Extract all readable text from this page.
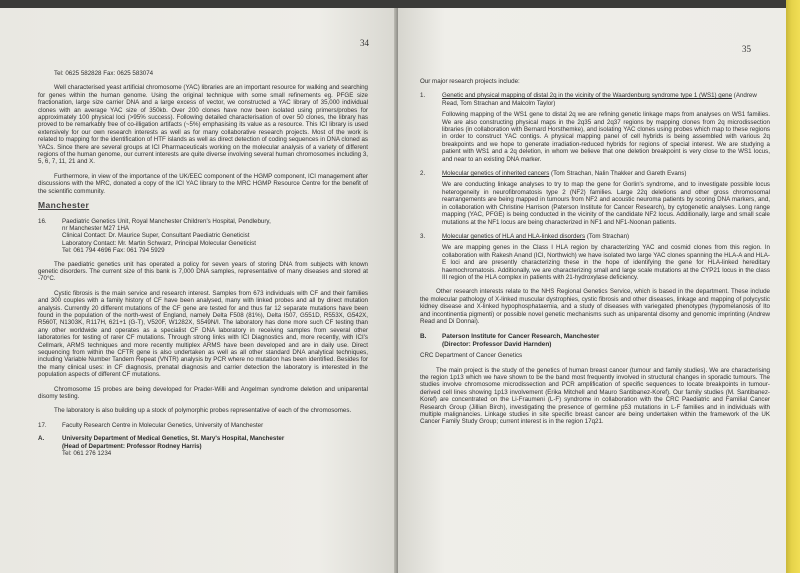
34

Tel: 0625 582828 Fax: 0625 583074

Well characterised yeast artificial chromosome (YAC) libraries are an important resource for walking and searching for genes within the human genome. Using the original technique with some small refinements eg. PFGE size fractionation, large size carrier DNA and a large excess of vector, we constructed a YAC library of 35,000 individual clones with an average YAC size of 350kb. Over 200 clones have now been isolated using primers/probes for approximately 100 physical loci (>95% success). Following detailed characterisation of over 50 clones, the library has proved to be remarkably free of co-illigation artifacts (~5%) emphasising its value as a resource. This ICI library is used extensively for our own research interests as well as for many collaborative research projects. Most of the work is related to mapping for the identification of HTF islands as well as direct detection of coding sequences in DNA cloned as YACs. Since there are several groups at ICI Pharmaceuticals working on the molecular analysis of a variety of different regions of the human genome, our current interests are quite diverse involving several human chromosomes including 3, 5, 6, 7, 11, 21 and X.

Furthermore, in view of the importance of the UK/EEC component of the HGMP component, ICI management after discussions with the MRC, donated a copy of the ICI YAC library to the MRC HGMP Resource Centre for the benefit of the scientific community.

Manchester
16.	Paediatric Genetics Unit, Royal Manchester Children's Hospital, Pendlebury,
nr Manchester M27 1HA
Clinical Contact: Dr. Maurice Super, Consultant Paediatric Geneticist
Laboratory Contact: Mr. Martin Schwarz, Principal Molecular Geneticist
Tel: 061 794 4696 Fax: 061 794 5929

The paediatric genetics unit has operated a policy for seven years of storing DNA from subjects with known genetic disorders. The current size of this bank is 7,000 DNA samples, representative of many diseases and stored at -70°C.

Cystic fibrosis is the main service and research interest. Samples from 673 individuals with CF and their families and 300 couples with a family history of CF have been analysed, many with linked probes and all by direct mutation analysis. Currently 20 different mutations of the CF gene are tested for and thus far 12 separate mutations have been found in the population of the north-west of England, namely Delta F508 (81%), Delta I507, G551D, R553X, G542X, R560T, N1303K, R117H, 621+1 (G-T), V520F, W1282X, S549N/I. The laboratory has done more such CF testing than any other worldwide and operates as a specialist CF DNA laboratory in receiving samples from several other laboratories for testing of rarer CF mutations. Through strong links with ICI Diagnostics and, more recently, with ICI's Cellmark, ARMS techniques and more recently multiplex ARMS have been developed and are in daily use. Direct sequencing from within the CFTR gene is also undertaken as well as all other standard DNA analytical techniques, including Variable Number Tandem Repeat (VNTR) analysis by PCR where no mutation has been identified. Besides for the many clinical uses: in CF diagnosis, prenatal diagnosis and carrier detection the laboratory is interested in the population aspects of different CF mutations.

Chromosome 15 probes are being developed for Prader-Willi and Angelman syndrome deletion and uniparental disomy testing.

The laboratory is also building up a stock of polymorphic probes representative of each of the chromosomes.

17.	Faculty Research Centre in Molecular Genetics, University of Manchester
A.	University Department of Medical Genetics, St. Mary's Hospital, Manchester
(Head of Department: Professor Rodney Harris)
Tel: 061 276 1234
35

Our major research projects include:

1.	Genetic and physical mapping of distal 2q in the vicinity of the Waardenburg syndrome type 1 (WS1) gene (Andrew Read, Tom Strachan and Malcolm Taylor)

Following mapping of the WS1 gene to distal 2q we are refining genetic linkage maps from analyses on WS1 families. We are also constructing physical maps in the 2q35 and 2q37 regions by mapping clones from 2q microdissection libraries (in collaboration with Bernard Horsthemke), and isolating YAC clones using probes which map to these regions in order to construct YAC contigs. A physical mapping panel of cell hybrids is being assembled with various 2q breakpoints and we hope to generate irradiation-reduced hybrids for regions of special interest. We are studying a patient with WS1 and a 2q deletion, in whom we believe that one deletion breakpoint is very close to the WS1 locus, and near to an existing DNA marker.

2.	Molecular genetics of inherited cancers (Tom Strachan, Nalin Thakker and Gareth Evans)

We are conducting linkage analyses to try to map the gene for Gorlin's syndrome, and to investigate possible locus heterogeneity in neurofibromatosis type 2 (NF2) families. Large 22q deletions and other gross chromosomal rearrangements are being mapped in tumours from NF2 and acoustic neuroma patients by scoring DNA markers, and, in collaboration with Christine Harrison (Paterson Institute for Cancer Research), by cytogenetic analyses. Long range mapping (YAC, PFGE) is being conducted in the vicinity of the candidate NF2 locus. Additionally, large and small scale mutations at the NF1 locus are being characterized in NF1 and NF1-Noonan patients.

3.	Molecular genetics of HLA and HLA-linked disorders (Tom Strachan)

We are mapping genes in the Class I HLA region by characterizing YAC and cosmid clones from this region. In collaboration with Rakesh Anand (ICI, Northwich) we have isolated two large YAC clones spanning the HLA-A and HLA-E loci and are presently characterizing these in the hope of identifying the gene for HLA-linked hereditary haemochromatosis. Additionally, we are characterizing small and large scale mutations at the CYP21 locus in the class III region of the HLA complex in patients with 21-hydroxylase deficiency.

Other research interests relate to the NHS Regional Genetics Service, which is based in the department. These include the molecular pathology of X-linked muscular dystrophies, cystic fibrosis and other diseases, linkage and mapping of polycystic kidney disease and X-linked hypophosphataemia, and a study of diseases with variegated phenotypes (hypomelanosis of Ito and incontinentia pigmenti) or possible novel genetic mechanisms such as uniparental disomy and genomic imprinting (Andrew Read and Di Donnai).

B.	Paterson Institute for Cancer Research, Manchester
(Director: Professor David Harnden)

CRC Department of Cancer Genetics

The main project is the study of the genetics of human breast cancer (tumour and family studies). We are characterising the region 1p13 which we have shown to be the band most frequently involved in structural changes in sporadic tumours. The studies involve chromosome microdissection and PCR amplification of specific sequences to locate breakpoints in tumour-derived cell lines showing 1p13 involvement (Erika Mitchell and Mauro Santibanez-Koref). Our family studies (M. Santibanez-Koref) are concentrated on the Li-Fraumeni (L-F) syndrome in collaboration with the CRC Paediatric and Familial Cancer Research Group (Jillian Birch), investigating the presence of germline p53 mutations in L-F families and in individuals with multiple malignancies. Linkage studies in site specific breast cancer are being undertaken within the framework of the UK Cancer Family Study Group; current interest is in the region 17q21.
